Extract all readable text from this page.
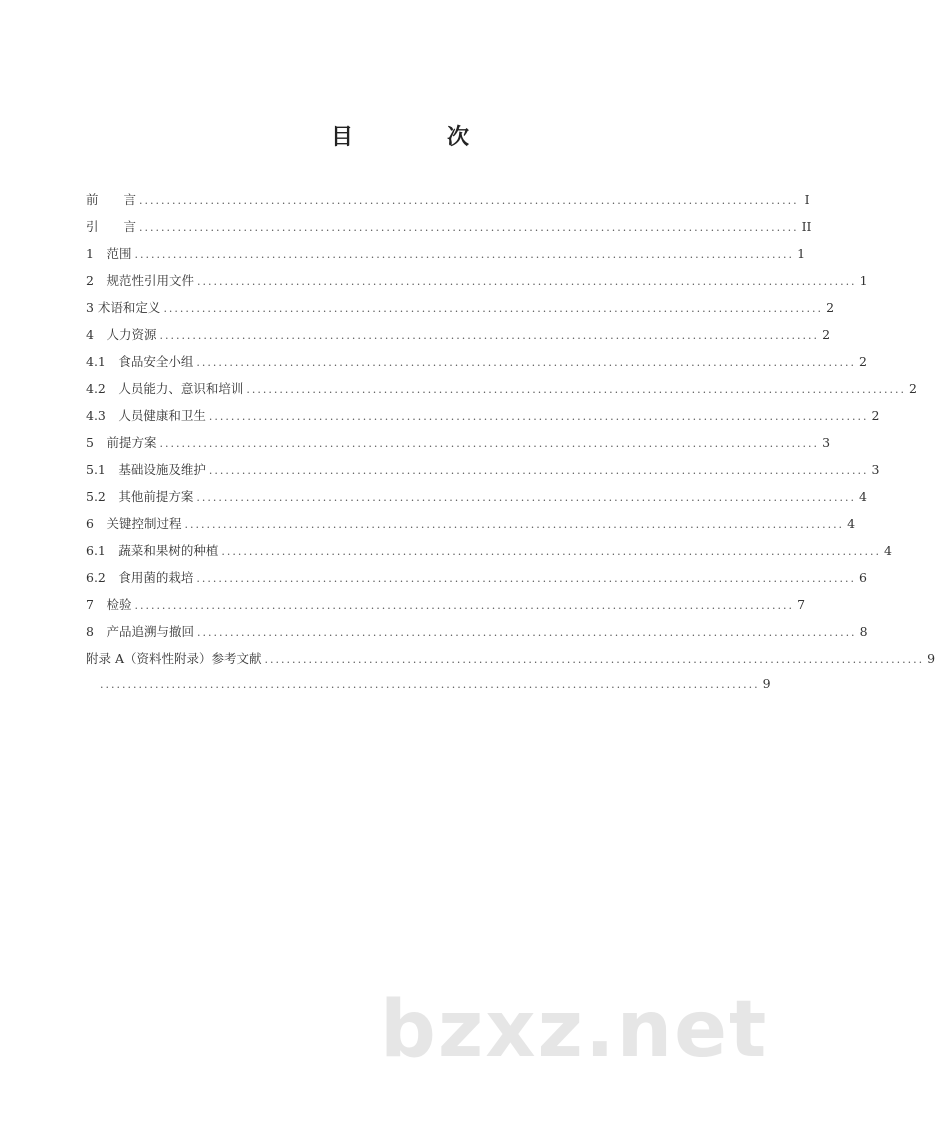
目　次
前　　言 ........................................................................................................................ I
引　　言 ........................................................................................................................ II
1　范围 ........................................................................................................................ 1
2　规范性引用文件 ........................................................................................................................ 1
3 术语和定义 ........................................................................................................................ 2
4　人力资源 ........................................................................................................................ 2
4.1　食品安全小组 ........................................................................................................................ 2
4.2　人员能力、意识和培训 ........................................................................................................................ 2
4.3　人员健康和卫生 ........................................................................................................................ 2
5　前提方案 ........................................................................................................................ 3
5.1　基础设施及维护 ........................................................................................................................ 3
5.2　其他前提方案 ........................................................................................................................ 4
6　关键控制过程 ........................................................................................................................ 4
6.1　蔬菜和果树的种植 ........................................................................................................................ 4
6.2　食用菌的栽培 ........................................................................................................................ 6
7　检验 ........................................................................................................................ 7
8　产品追溯与撤回 ........................................................................................................................ 8
附录 A（资料性附录）参考文献 ........................................................................................................................ 9
........................................................................................................................ 9
bzxz.net
